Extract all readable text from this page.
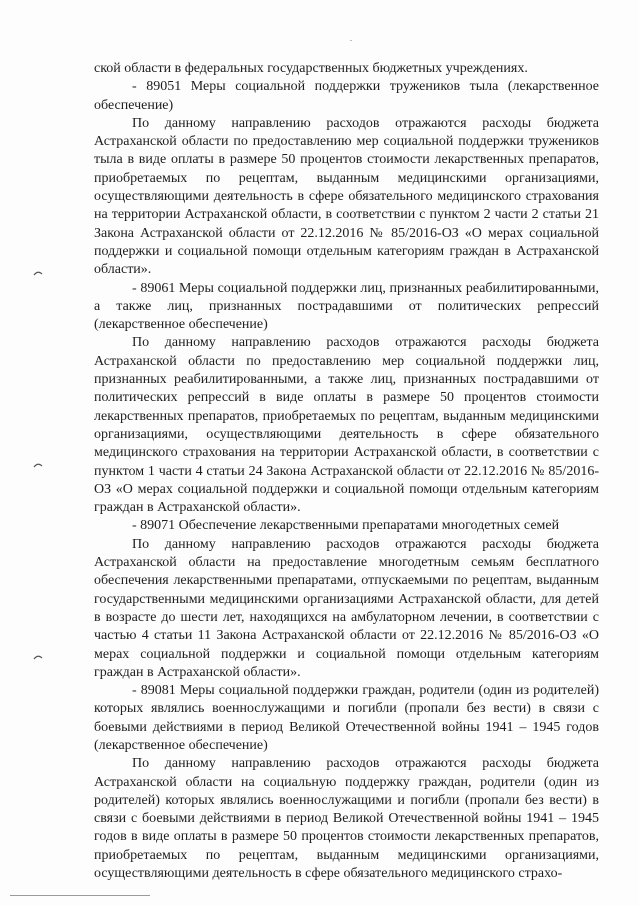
ской области в федеральных государственных бюджетных учреждениях.

- 89051 Меры социальной поддержки тружеников тыла (лекарственное обеспечение)

По данному направлению расходов отражаются расходы бюджета Астраханской области по предоставлению мер социальной поддержки тружеников тыла в виде оплаты в размере 50 процентов стоимости лекарственных препаратов, приобретаемых по рецептам, выданным медицинскими организациями, осуществляющими деятельность в сфере обязательного медицинского страхования на территории Астраханской области, в соответствии с пунктом 2 части 2 статьи 21 Закона Астраханской области от 22.12.2016 № 85/2016-ОЗ «О мерах социальной поддержки и социальной помощи отдельным категориям граждан в Астраханской области».

- 89061 Меры социальной поддержки лиц, признанных реабилитированными, а также лиц, признанных пострадавшими от политических репрессий (лекарственное обеспечение)

По данному направлению расходов отражаются расходы бюджета Астраханской области по предоставлению мер социальной поддержки лиц, признанных реабилитированными, а также лиц, признанных пострадавшими от политических репрессий в виде оплаты в размере 50 процентов стоимости лекарственных препаратов, приобретаемых по рецептам, выданным медицинскими организациями, осуществляющими деятельность в сфере обязательного медицинского страхования на территории Астраханской области, в соответствии с пунктом 1 части 4 статьи 24 Закона Астраханской области от 22.12.2016 № 85/2016-ОЗ «О мерах социальной поддержки и социальной помощи отдельным категориям граждан в Астраханской области».

- 89071 Обеспечение лекарственными препаратами многодетных семей

По данному направлению расходов отражаются расходы бюджета Астраханской области на предоставление многодетным семьям бесплатного обеспечения лекарственными препаратами, отпускаемыми по рецептам, выданным государственными медицинскими организациями Астраханской области, для детей в возрасте до шести лет, находящихся на амбулаторном лечении, в соответствии с частью 4 статьи 11 Закона Астраханской области от 22.12.2016 № 85/2016-ОЗ «О мерах социальной поддержки и социальной помощи отдельным категориям граждан в Астраханской области».

- 89081 Меры социальной поддержки граждан, родители (один из родителей) которых являлись военнослужащими и погибли (пропали без вести) в связи с боевыми действиями в период Великой Отечественной войны 1941 – 1945 годов (лекарственное обеспечение)

По данному направлению расходов отражаются расходы бюджета Астраханской области на социальную поддержку граждан, родители (один из родителей) которых являлись военнослужащими и погибли (пропали без вести) в связи с боевыми действиями в период Великой Отечественной войны 1941 – 1945 годов в виде оплаты в размере 50 процентов стоимости лекарственных препаратов, приобретаемых по рецептам, выданным медицинскими организациями, осуществляющими деятельность в сфере обязательного медицинского страхо-
